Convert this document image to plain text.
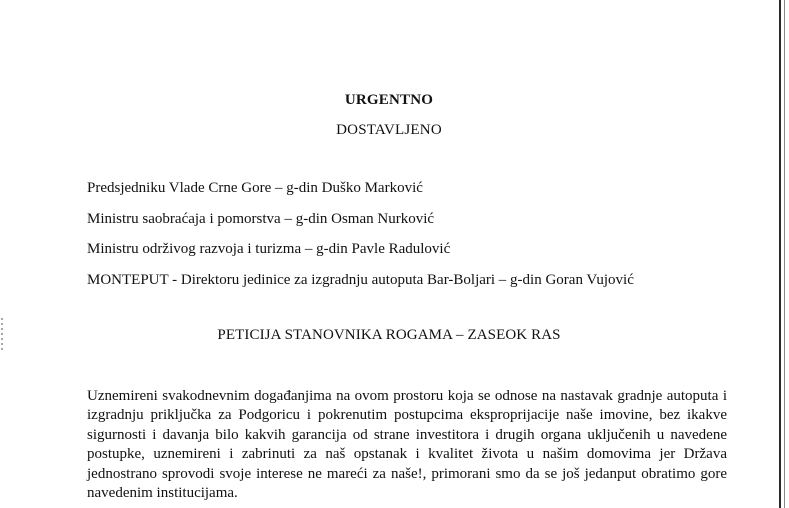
URGENTNO
DOSTAVLJENO
Predsjedniku Vlade Crne Gore – g-din Duško Marković
Ministru saobraćaja i pomorstva – g-din Osman Nurković
Ministru održivog razvoja i turizma – g-din Pavle Radulović
MONTEPUT - Direktoru jedinice za izgradnju autoputa Bar-Boljari – g-din Goran Vujović
PETICIJA STANOVNIKA ROGAMA – ZASEOK RAS
Uznemireni svakodnevnim događanjima na ovom prostoru koja se odnose na nastavak gradnje autoputa i izgradnju priključka za Podgoricu i pokrenutim postupcima eksproprijacije naše imovine, bez ikakve sigurnosti i davanja bilo kakvih garancija od strane investitora i drugih organa uključenih u navedene postupke, uznemireni i zabrinuti za naš opstanak i kvalitet života u našim domovima jer Država jednostrano sprovodi svoje interese ne mareći za naše!, primorani smo da se još jedanput obratimo gore navedenim institucijama.
